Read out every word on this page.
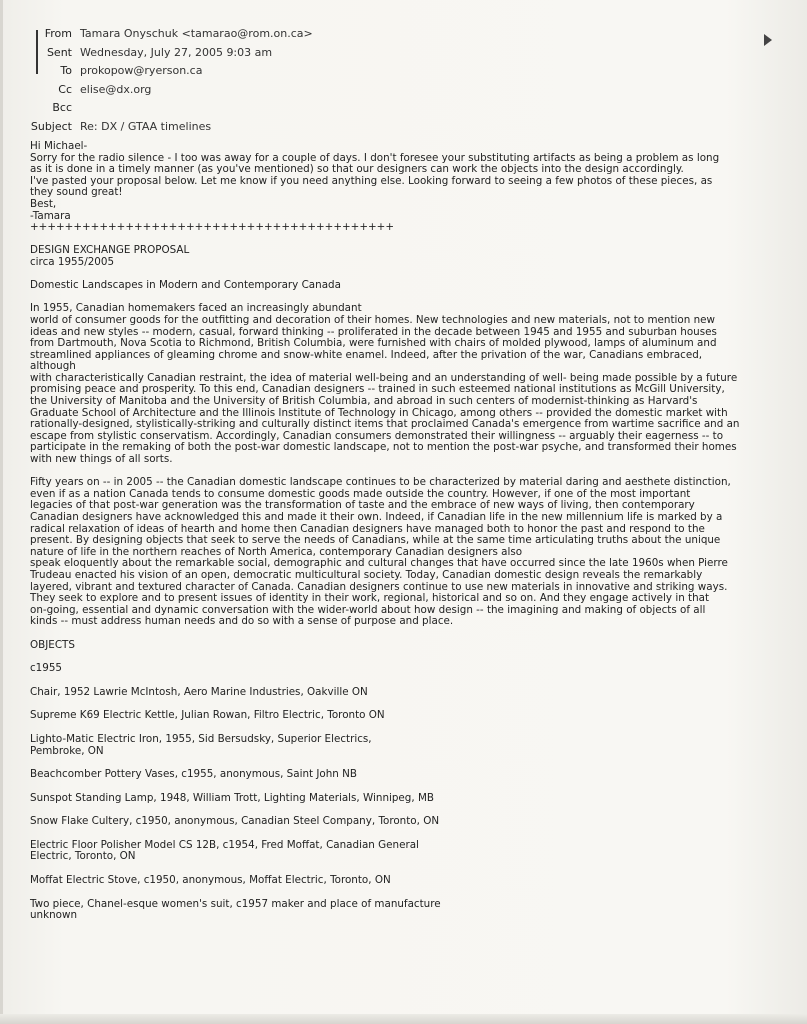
From Tamara Onyschuk <tamarao@rom.on.ca>
Sent Wednesday, July 27, 2005 9:03 am
To prokopow@ryerson.ca
Cc elise@dx.org
Bcc
Subject Re: DX / GTAA timelines
Hi Michael-
Sorry for the radio silence - I too was away for a couple of days. I don't foresee your substituting artifacts as being a problem as long
as it is done in a timely manner (as you've mentioned) so that our designers can work the objects into the design accordingly.
I've pasted your proposal below. Let me know if you need anything else. Looking forward to seeing a few photos of these pieces, as
they sound great!
Best,
-Tamara
++++++++++++++++++++++++++++++++++++++++++
DESIGN EXCHANGE PROPOSAL
circa 1955/2005
Domestic Landscapes in Modern and Contemporary Canada
In 1955, Canadian homemakers faced an increasingly abundant
world of consumer goods for the outfitting and decoration of their homes. New technologies and new materials, not to mention new
ideas and new styles -- modern, casual, forward thinking -- proliferated in the decade between 1945 and 1955 and suburban houses
from Dartmouth, Nova Scotia to Richmond, British Columbia, were furnished with chairs of molded plywood, lamps of aluminum and
streamlined appliances of gleaming chrome and snow-white enamel. Indeed, after the privation of the war, Canadians embraced,
although
with characteristically Canadian restraint, the idea of material well-being and an understanding of well- being made possible by a future
promising peace and prosperity. To this end, Canadian designers -- trained in such esteemed national institutions as McGill University,
the University of Manitoba and the University of British Columbia, and abroad in such centers of modernist-thinking as Harvard's
Graduate School of Architecture and the Illinois Institute of Technology in Chicago, among others -- provided the domestic market with
rationally-designed, stylistically-striking and culturally distinct items that proclaimed Canada's emergence from wartime sacrifice and an
escape from stylistic conservatism. Accordingly, Canadian consumers demonstrated their willingness -- arguably their eagerness -- to
participate in the remaking of both the post-war domestic landscape, not to mention the post-war psyche, and transformed their homes
with new things of all sorts.
Fifty years on -- in 2005 -- the Canadian domestic landscape continues to be characterized by material daring and aesthete distinction,
even if as a nation Canada tends to consume domestic goods made outside the country. However, if one of the most important
legacies of that post-war generation was the transformation of taste and the embrace of new ways of living, then contemporary
Canadian designers have acknowledged this and made it their own. Indeed, if Canadian life in the new millennium life is marked by a
radical relaxation of ideas of hearth and home then Canadian designers have managed both to honor the past and respond to the
present. By designing objects that seek to serve the needs of Canadians, while at the same time articulating truths about the unique
nature of life in the northern reaches of North America, contemporary Canadian designers also
speak eloquently about the remarkable social, demographic and cultural changes that have occurred since the late 1960s when Pierre
Trudeau enacted his vision of an open, democratic multicultural society. Today, Canadian domestic design reveals the remarkably
layered, vibrant and textured character of Canada. Canadian designers continue to use new materials in innovative and striking ways.
They seek to explore and to present issues of identity in their work, regional, historical and so on. And they engage actively in that
on-going, essential and dynamic conversation with the wider-world about how design -- the imagining and making of objects of all
kinds -- must address human needs and do so with a sense of purpose and place.
OBJECTS
c1955
Chair, 1952 Lawrie McIntosh, Aero Marine Industries, Oakville ON
Supreme K69 Electric Kettle, Julian Rowan, Filtro Electric, Toronto ON
Lighto-Matic Electric Iron, 1955, Sid Bersudsky, Superior Electrics,
Pembroke, ON
Beachcomber Pottery Vases, c1955, anonymous, Saint John NB
Sunspot Standing Lamp, 1948, William Trott, Lighting Materials, Winnipeg, MB
Snow Flake Cultery, c1950, anonymous, Canadian Steel Company, Toronto, ON
Electric Floor Polisher Model CS 12B, c1954, Fred Moffat, Canadian General
Electric, Toronto, ON
Moffat Electric Stove, c1950, anonymous, Moffat Electric, Toronto, ON
Two piece, Chanel-esque women's suit, c1957 maker and place of manufacture
unknown
